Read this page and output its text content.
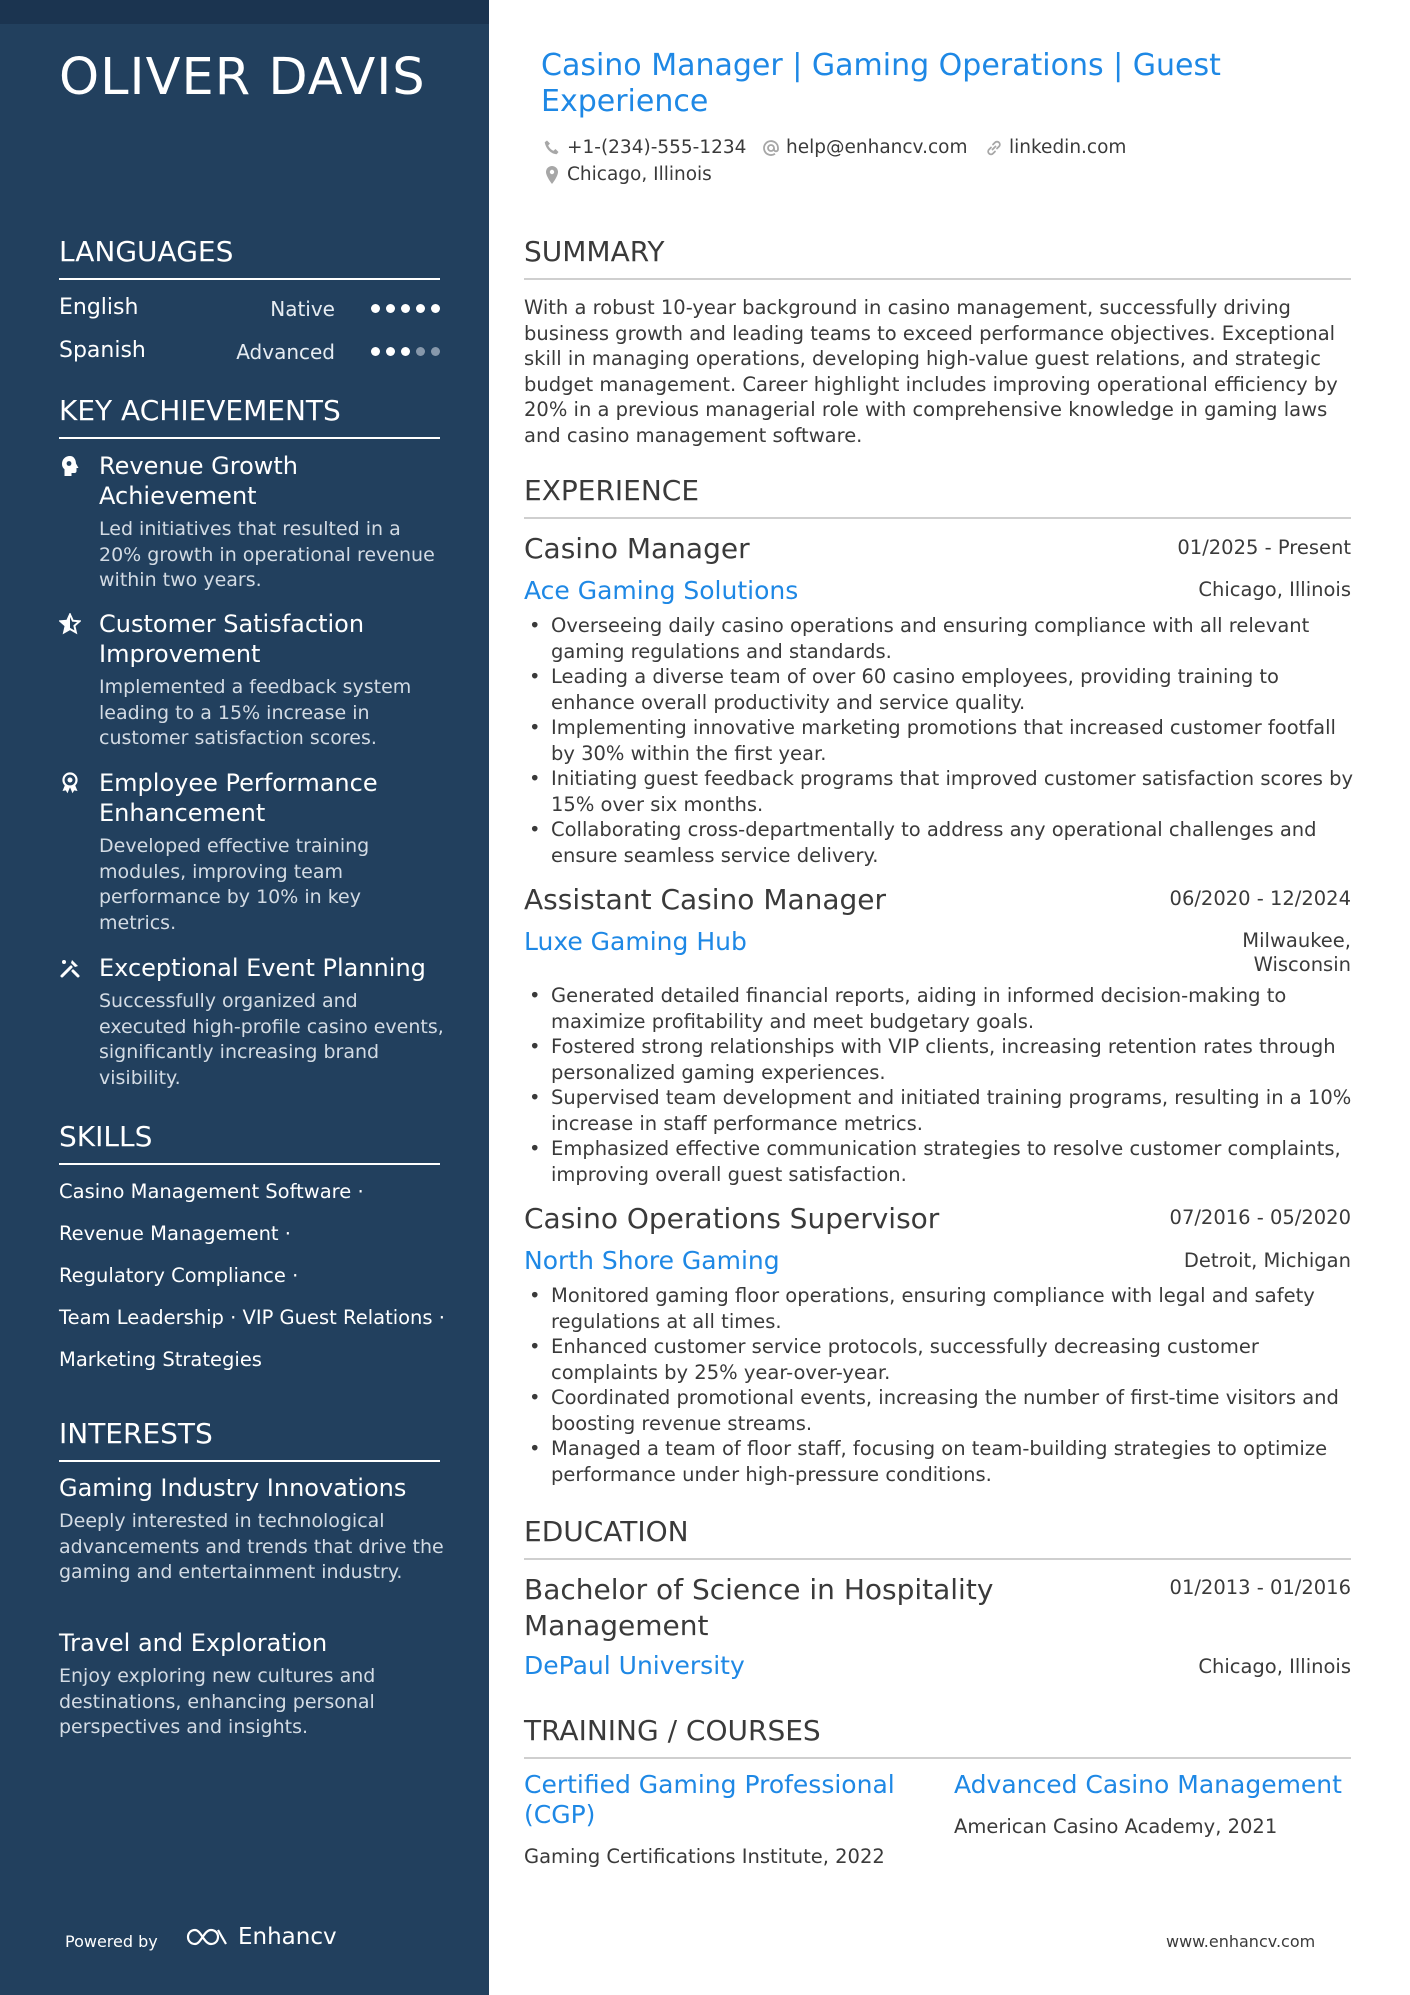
OLIVER DAVIS
LANGUAGES
English	Native
Spanish	Advanced
KEY ACHIEVEMENTS
Revenue Growth Achievement
Led initiatives that resulted in a 20% growth in operational revenue within two years.
Customer Satisfaction Improvement
Implemented a feedback system leading to a 15% increase in customer satisfaction scores.
Employee Performance Enhancement
Developed effective training modules, improving team performance by 10% in key metrics.
Exceptional Event Planning
Successfully organized and executed high-profile casino events, significantly increasing brand visibility.
SKILLS
Casino Management Software ·
Revenue Management ·
Regulatory Compliance ·
Team Leadership · VIP Guest Relations ·
Marketing Strategies
INTERESTS
Gaming Industry Innovations
Deeply interested in technological advancements and trends that drive the gaming and entertainment industry.
Travel and Exploration
Enjoy exploring new cultures and destinations, enhancing personal perspectives and insights.
Powered by	Enhancv
Casino Manager | Gaming Operations | Guest Experience
+1-(234)-555-1234 help@enhancv.com linkedin.com
Chicago, Illinois
SUMMARY
With a robust 10-year background in casino management, successfully driving business growth and leading teams to exceed performance objectives. Exceptional skill in managing operations, developing high-value guest relations, and strategic budget management. Career highlight includes improving operational efficiency by 20% in a previous managerial role with comprehensive knowledge in gaming laws and casino management software.
EXPERIENCE
Casino Manager	01/2025 - Present
Ace Gaming Solutions	Chicago, Illinois
• Overseeing daily casino operations and ensuring compliance with all relevant gaming regulations and standards.
• Leading a diverse team of over 60 casino employees, providing training to enhance overall productivity and service quality.
• Implementing innovative marketing promotions that increased customer footfall by 30% within the first year.
• Initiating guest feedback programs that improved customer satisfaction scores by 15% over six months.
• Collaborating cross-departmentally to address any operational challenges and ensure seamless service delivery.
Assistant Casino Manager	06/2020 - 12/2024
Luxe Gaming Hub	Milwaukee, Wisconsin
• Generated detailed financial reports, aiding in informed decision-making to maximize profitability and meet budgetary goals.
• Fostered strong relationships with VIP clients, increasing retention rates through personalized gaming experiences.
• Supervised team development and initiated training programs, resulting in a 10% increase in staff performance metrics.
• Emphasized effective communication strategies to resolve customer complaints, improving overall guest satisfaction.
Casino Operations Supervisor	07/2016 - 05/2020
North Shore Gaming	Detroit, Michigan
• Monitored gaming floor operations, ensuring compliance with legal and safety regulations at all times.
• Enhanced customer service protocols, successfully decreasing customer complaints by 25% year-over-year.
• Coordinated promotional events, increasing the number of first-time visitors and boosting revenue streams.
• Managed a team of floor staff, focusing on team-building strategies to optimize performance under high-pressure conditions.
EDUCATION
Bachelor of Science in Hospitality Management
01/2013 - 01/2016
DePaul University	Chicago, Illinois
TRAINING / COURSES
Certified Gaming Professional (CGP)
Gaming Certifications Institute, 2022
Advanced Casino Management
American Casino Academy, 2021
www.enhancv.com
